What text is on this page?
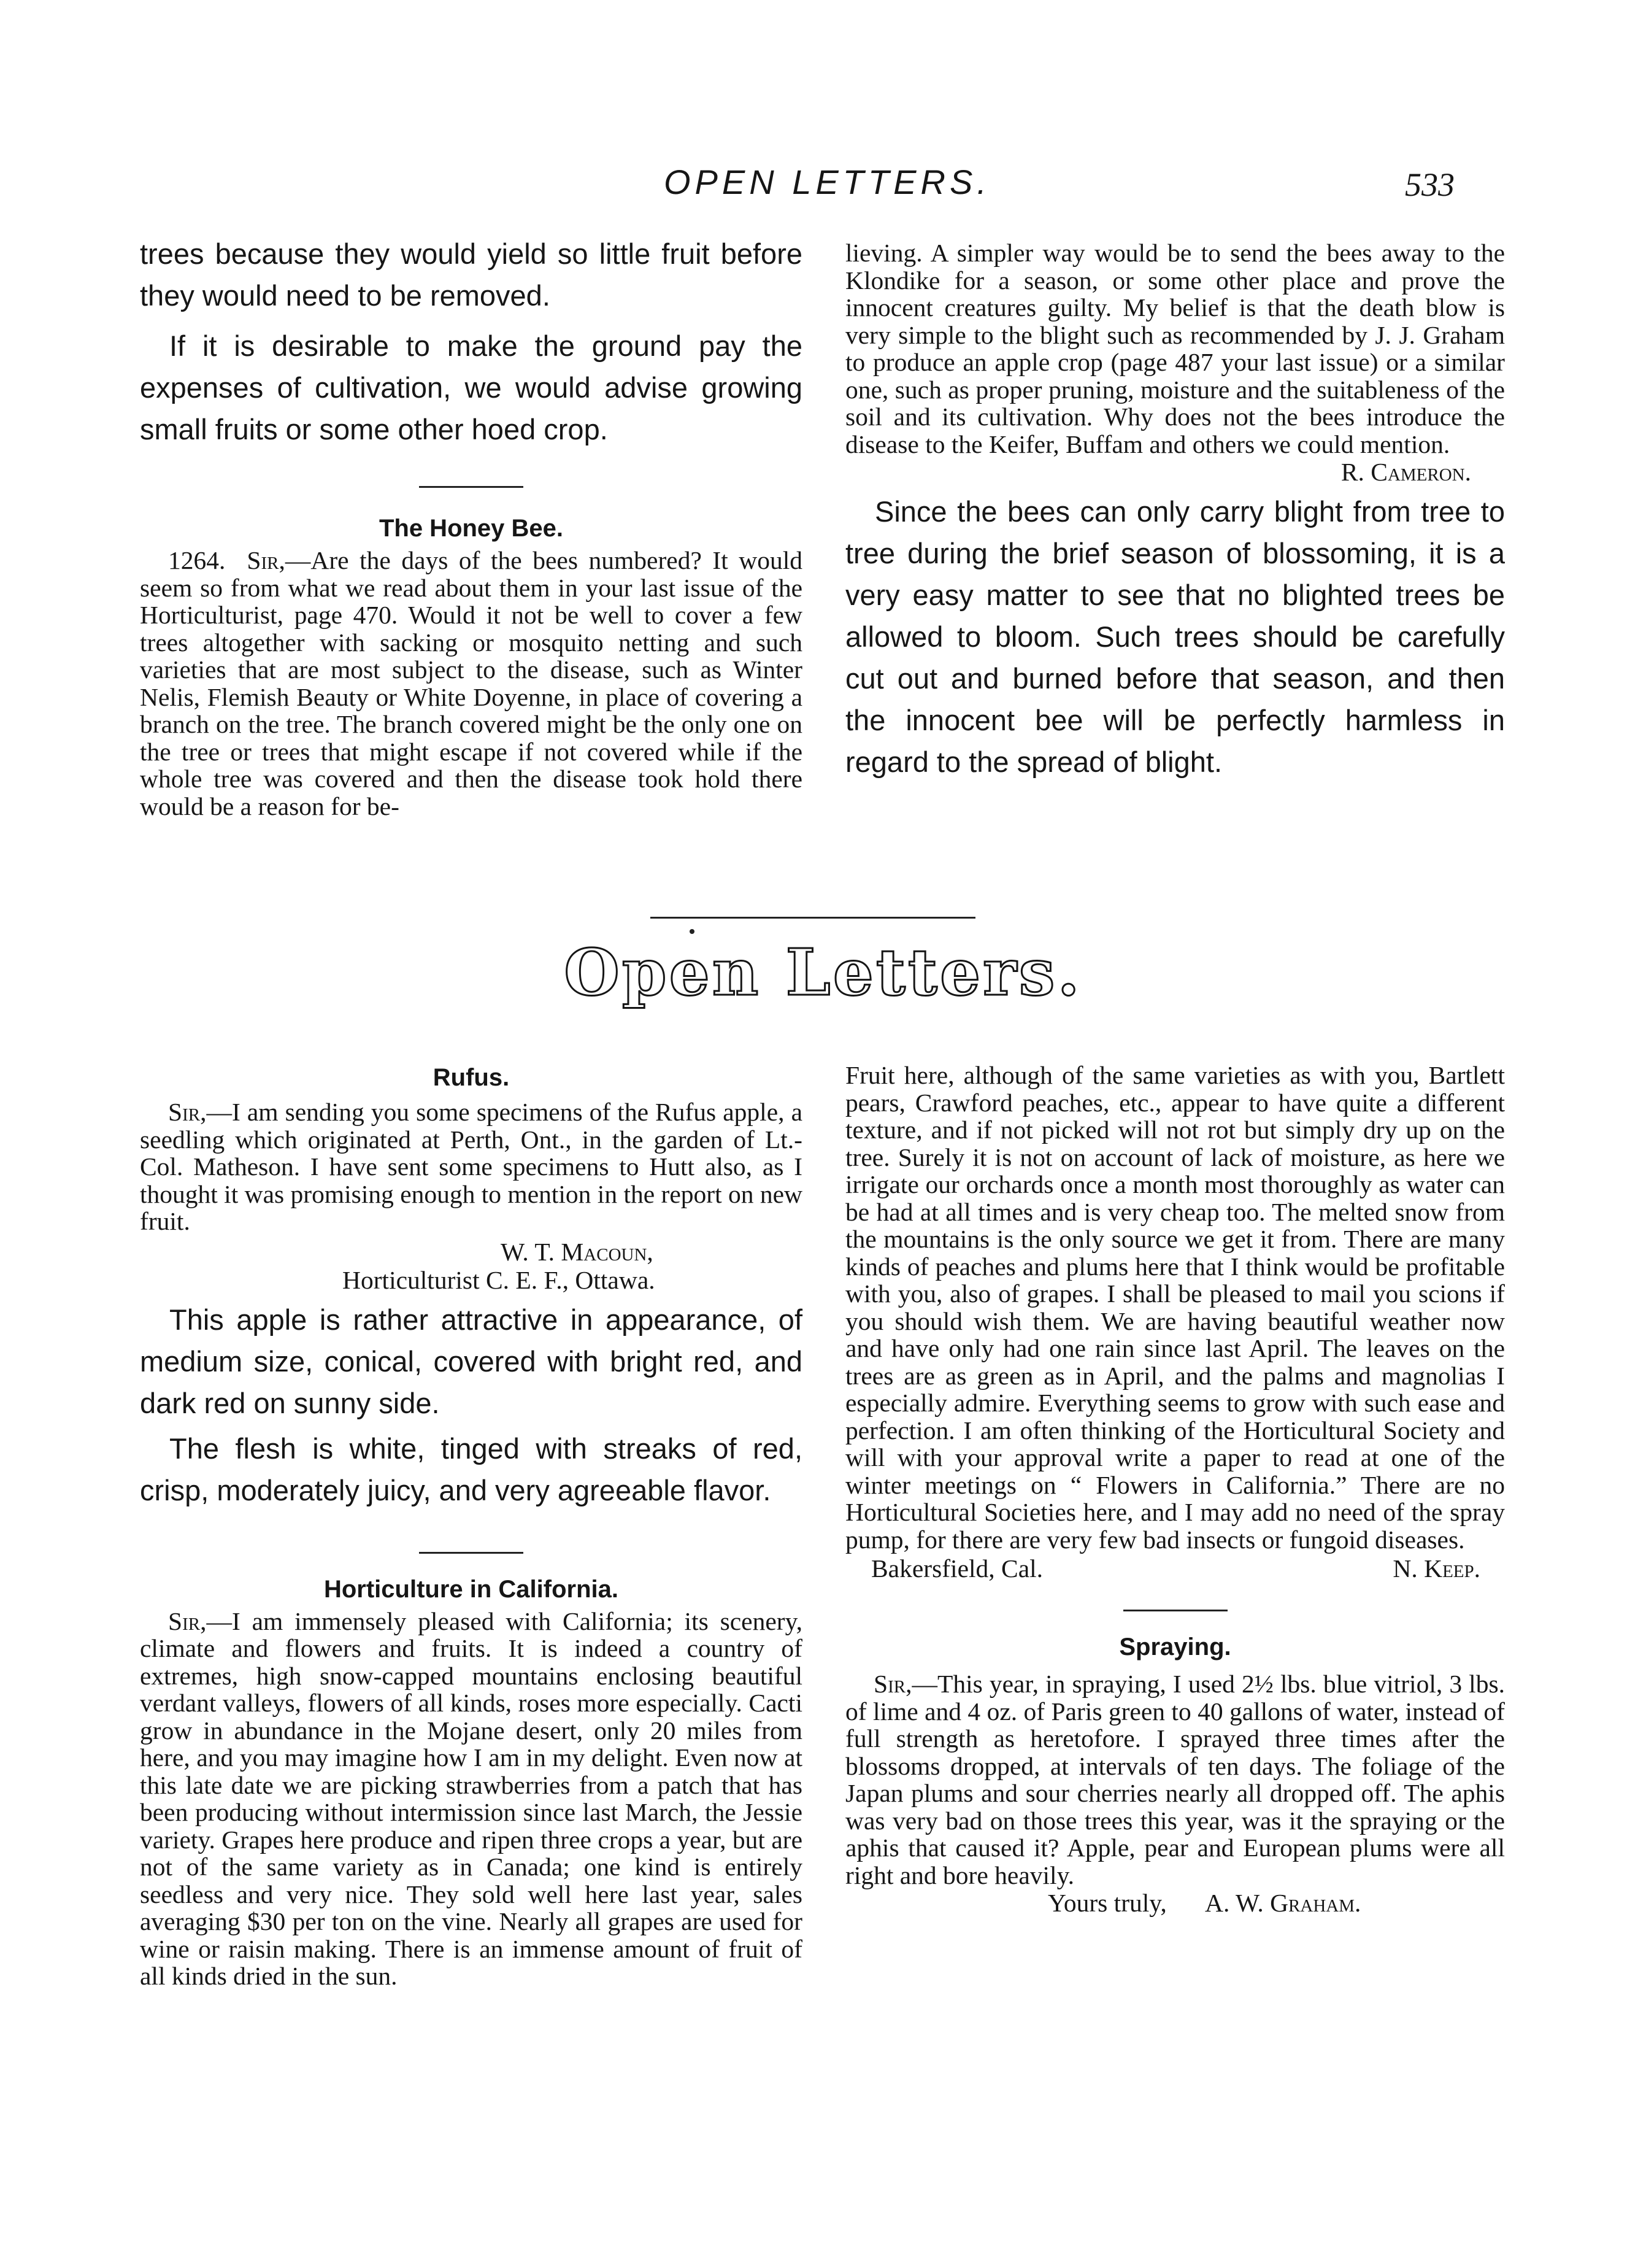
OPEN LETTERS.	533

trees because they would yield so little fruit before they would need to be removed.

If it is desirable to make the ground pay the expenses of cultivation, we would advise growing small fruits or some other hoed crop.

The Honey Bee.

1264. Sir,—Are the days of the bees numbered? It would seem so from what we read about them in your last issue of the Horticulturist, page 470. Would it not be well to cover a few trees altogether with sacking or mosquito netting and such varieties that are most subject to the disease, such as Winter Nelis, Flemish Beauty or White Doyenne, in place of covering a branch on the tree. The branch covered might be the only one on the tree or trees that might escape if not covered while if the whole tree was covered and then the disease took hold there would be a reason for be-

lieving. A simpler way would be to send the bees away to the Klondike for a season, or some other place and prove the innocent creatures guilty. My belief is that the death blow is very simple to the blight such as recommended by J. J. Graham to produce an apple crop (page 487 your last issue) or a similar one, such as proper pruning, moisture and the suitableness of the soil and its cultivation. Why does not the bees introduce the disease to the Keifer, Buffam and others we could mention.

R. Cameron.

Since the bees can only carry blight from tree to tree during the brief season of blossoming, it is a very easy matter to see that no blighted trees be allowed to bloom. Such trees should be carefully cut out and burned before that season, and then the innocent bee will be perfectly harmless in regard to the spread of blight.

Open Letters.
Rufus.

Sir,—I am sending you some specimens of the Rufus apple, a seedling which originated at Perth, Ont., in the garden of Lt.-Col. Matheson. I have sent some specimens to Hutt also, as I thought it was promising enough to mention in the report on new fruit.

W. T. Macoun,

Horticulturist C. E. F., Ottawa.

This apple is rather attractive in appearance, of medium size, conical, covered with bright red, and dark red on sunny side.

The flesh is white, tinged with streaks of red, crisp, moderately juicy, and very agreeable flavor.

Horticulture in California.

Sir,—I am immensely pleased with California; its scenery, climate and flowers and fruits. It is indeed a country of extremes, high snow-capped mountains enclosing beautiful verdant valleys, flowers of all kinds, roses more especially. Cacti grow in abundance in the Mojane desert, only 20 miles from here, and you may imagine how I am in my delight. Even now at this late date we are picking strawberries from a patch that has been producing without intermission since last March, the Jessie variety. Grapes here produce and ripen three crops a year, but are not of the same variety as in Canada; one kind is entirely seedless and very nice. They sold well here last year, sales averaging $30 per ton on the vine. Nearly all grapes are used for wine or raisin making. There is an immense amount of fruit of all kinds dried in the sun.

Fruit here, although of the same varieties as with you, Bartlett pears, Crawford peaches, etc., appear to have quite a different texture, and if not picked will not rot but simply dry up on the tree. Surely it is not on account of lack of moisture, as here we irrigate our orchards once a month most thoroughly as water can be had at all times and is very cheap too. The melted snow from the mountains is the only source we get it from. There are many kinds of peaches and plums here that I think would be profitable with you, also of grapes. I shall be pleased to mail you scions if you should wish them. We are having beautiful weather now and have only had one rain since last April. The leaves on the trees are as green as in April, and the palms and magnolias I especially admire. Everything seems to grow with such ease and perfection. I am often thinking of the Horticultural Society and will with your approval write a paper to read at one of the winter meetings on “ Flowers in California.” There are no Horticultural Societies here, and I may add no need of the spray pump, for there are very few bad insects or fungoid diseases.

Bakersfield, Cal.	N. Keep.
Spraying.

Sir,—This year, in spraying, I used 2½ lbs. blue vitriol, 3 lbs. of lime and 4 oz. of Paris green to 40 gallons of water, instead of full strength as heretofore. I sprayed three times after the blossoms dropped, at intervals of ten days. The foliage of the Japan plums and sour cherries nearly all dropped off. The aphis was very bad on those trees this year, was it the spraying or the aphis that caused it? Apple, pear and European plums were all right and bore heavily.

Yours truly, A. W. Graham.
